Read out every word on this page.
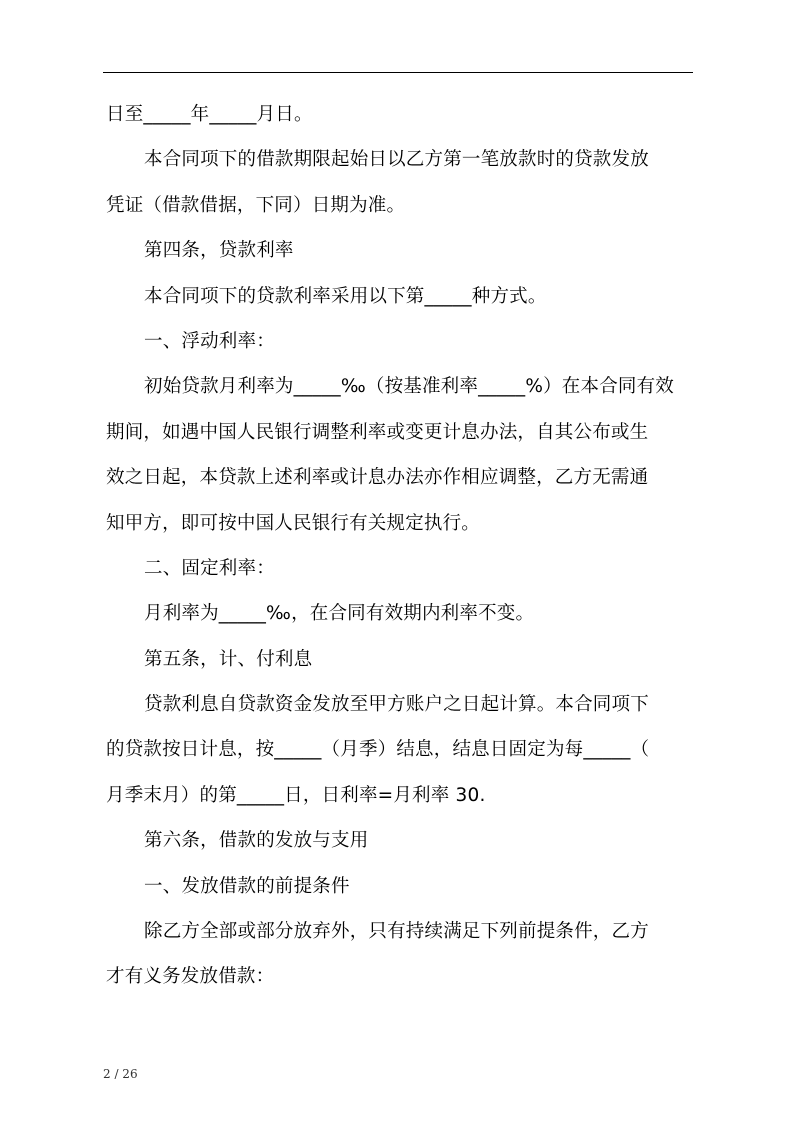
日至_____年_____月日。
本合同项下的借款期限起始日以乙方第一笔放款时的贷款发放
凭证（借款借据，下同）日期为准。
第四条，贷款利率
本合同项下的贷款利率采用以下第_____种方式。
一、浮动利率：
初始贷款月利率为_____‰（按基准利率_____%）在本合同有效
期间，如遇中国人民银行调整利率或变更计息办法，自其公布或生
效之日起，本贷款上述利率或计息办法亦作相应调整，乙方无需通
知甲方，即可按中国人民银行有关规定执行。
二、固定利率：
月利率为_____‰，在合同有效期内利率不变。
第五条，计、付利息
贷款利息自贷款资金发放至甲方账户之日起计算。本合同项下
的贷款按日计息，按_____（月季）结息，结息日固定为每_____（
月季末月）的第_____日，日利率=月利率 30.
第六条，借款的发放与支用
一、发放借款的前提条件
除乙方全部或部分放弃外，只有持续满足下列前提条件，乙方
才有义务发放借款：
2 / 26
